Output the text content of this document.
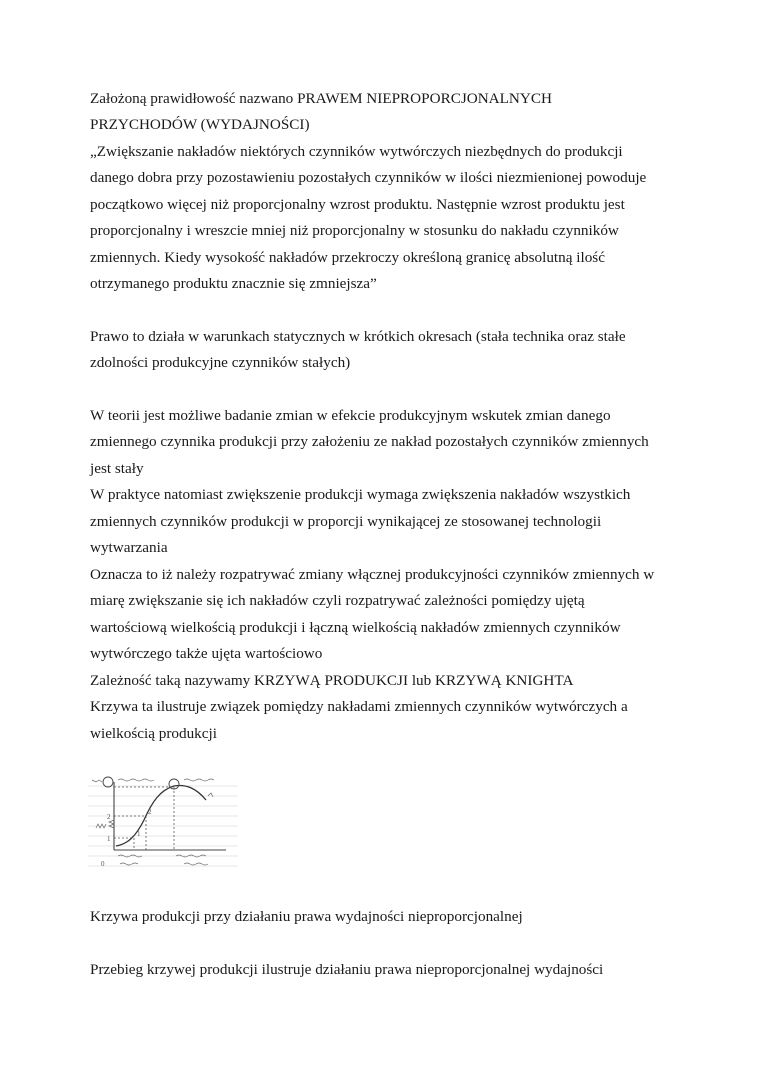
Założoną prawidłowość nazwano PRAWEM NIEPROPORCJONALNYCH

PRZYCHODÓW (WYDAJNOŚCI)

„Zwiększanie nakładów niektórych czynników wytwórczych niezbędnych do produkcji

danego dobra przy pozostawieniu pozostałych czynników w ilości niezmienionej powoduje

początkowo więcej niż proporcjonalny wzrost produktu. Następnie wzrost produktu jest

proporcjonalny i wreszcie mniej niż proporcjonalny w stosunku do nakładu czynników

zmiennych. Kiedy wysokość nakładów przekroczy określoną granicę absolutną ilość

otrzymanego produktu znacznie się zmniejsza”

Prawo to działa w warunkach statycznych w krótkich okresach (stała technika oraz stałe

zdolności produkcyjne czynników stałych)

W teorii jest możliwe badanie zmian w efekcie produkcyjnym wskutek zmian danego

zmiennego czynnika produkcji przy założeniu ze nakład pozostałych czynników zmiennych

jest stały

W praktyce natomiast zwiększenie produkcji wymaga zwiększenia nakładów wszystkich

zmiennych czynników produkcji w proporcji wynikającej ze stosowanej technologii

wytwarzania

Oznacza to iż należy rozpatrywać zmiany włącznej produkcyjności czynników zmiennych w

miarę zwiększanie się ich nakładów czyli rozpatrywać zależności pomiędzy ujętą

wartościową wielkością produkcji i łączną wielkością nakładów zmiennych czynników

wytwórczego także ujęta wartościowo

Zależność taką nazywamy KRZYWĄ PRODUKCJI lub KRZYWĄ KNIGHTA

Krzywa ta ilustruje związek pomiędzy nakładami zmiennych czynników wytwórczych a

wielkością produkcji

1
2
1
2
0

Krzywa produkcji przy działaniu prawa wydajności nieproporcjonalnej

Przebieg krzywej produkcji ilustruje działaniu prawa nieproporcjonalnej wydajności
